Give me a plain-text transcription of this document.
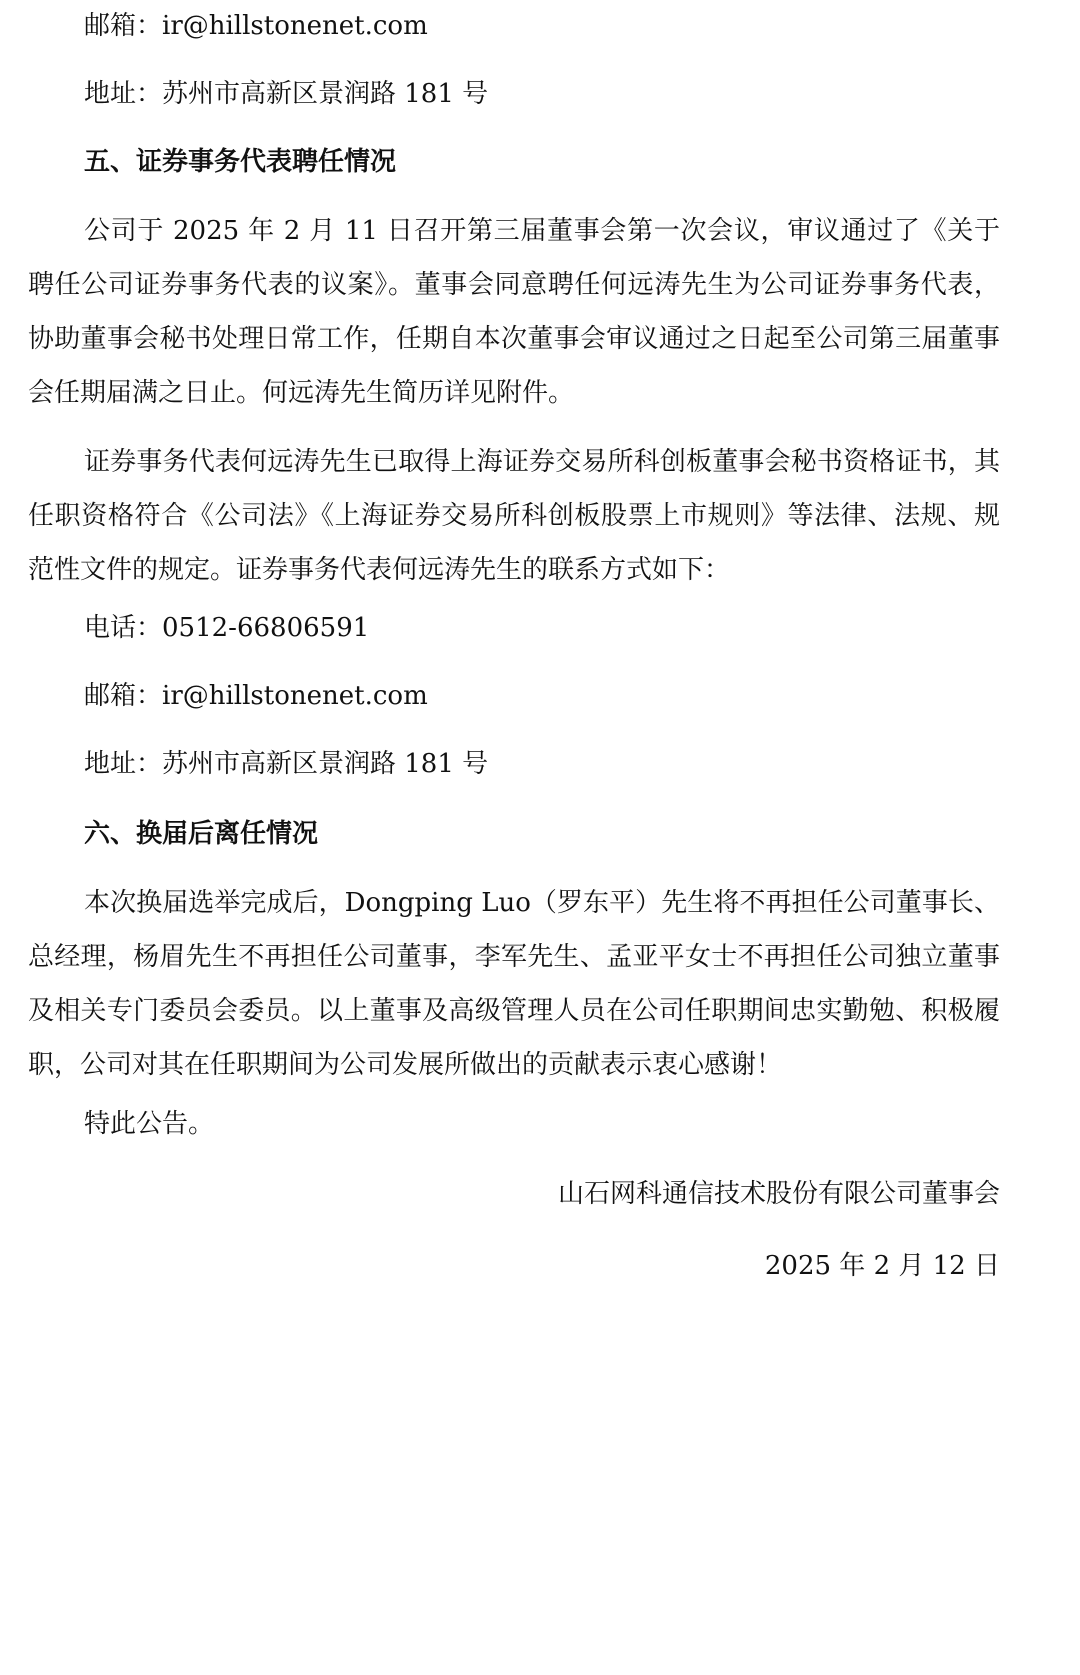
邮箱：ir@hillstonenet.com

地址：苏州市高新区景润路 181 号

五、证券事务代表聘任情况

公司于 2025 年 2 月 11 日召开第三届董事会第一次会议，审议通过了《关于聘任公司证券事务代表的议案》。董事会同意聘任何远涛先生为公司证券事务代表，协助董事会秘书处理日常工作，任期自本次董事会审议通过之日起至公司第三届董事会任期届满之日止。何远涛先生简历详见附件。

证券事务代表何远涛先生已取得上海证券交易所科创板董事会秘书资格证书，其任职资格符合《公司法》《上海证券交易所科创板股票上市规则》等法律、法规、规范性文件的规定。证券事务代表何远涛先生的联系方式如下：

电话：0512-66806591

邮箱：ir@hillstonenet.com

地址：苏州市高新区景润路 181 号

六、换届后离任情况

本次换届选举完成后，Dongping Luo（罗东平）先生将不再担任公司董事长、总经理，杨眉先生不再担任公司董事，李军先生、孟亚平女士不再担任公司独立董事及相关专门委员会委员。以上董事及高级管理人员在公司任职期间忠实勤勉、积极履职，公司对其在任职期间为公司发展所做出的贡献表示衷心感谢！

特此公告。

山石网科通信技术股份有限公司董事会

2025 年 2 月 12 日
